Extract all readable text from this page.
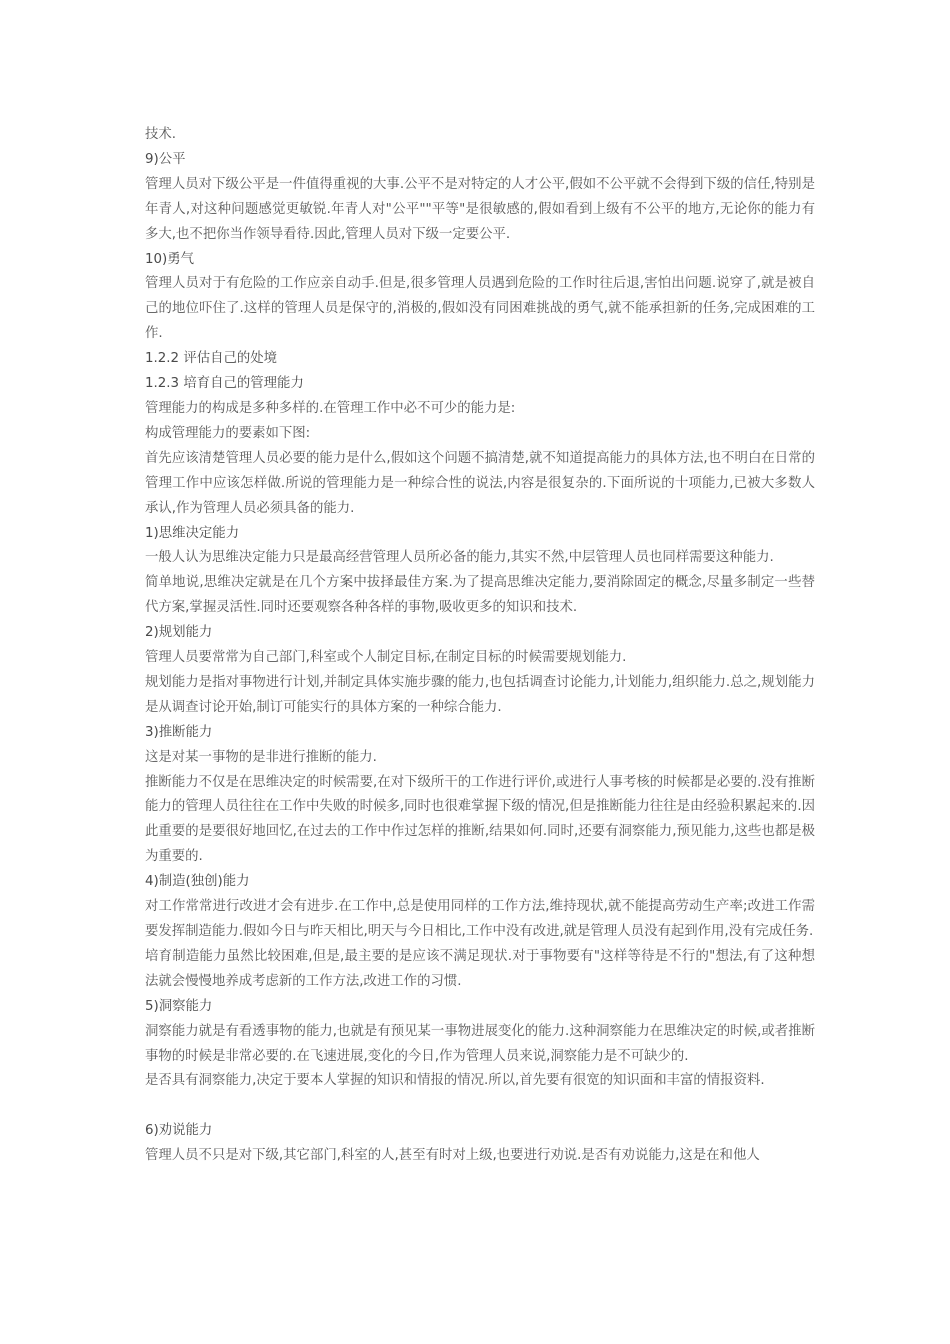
技术.

9)公平

管理人员对下级公平是一件值得重视的大事.公平不是对特定的人才公平,假如不公平就不会得到下级的信任,特别是年青人,对这种问题感觉更敏锐.年青人对"公平""平等"是很敏感的,假如看到上级有不公平的地方,无论你的能力有多大,也不把你当作领导看待.因此,管理人员对下级一定要公平.

10)勇气

管理人员对于有危险的工作应亲自动手.但是,很多管理人员遇到危险的工作时往后退,害怕出问题.说穿了,就是被自己的地位吓住了.这样的管理人员是保守的,消极的,假如没有同困难挑战的勇气,就不能承担新的任务,完成困难的工作.

1.2.2 评估自己的处境

1.2.3 培育自己的管理能力

管理能力的构成是多种多样的.在管理工作中必不可少的能力是:

构成管理能力的要素如下图:

首先应该清楚管理人员必要的能力是什么,假如这个问题不搞清楚,就不知道提高能力的具体方法,也不明白在日常的管理工作中应该怎样做.所说的管理能力是一种综合性的说法,内容是很复杂的.下面所说的十项能力,已被大多数人承认,作为管理人员必须具备的能力.

1)思维决定能力

一般人认为思维决定能力只是最高经营管理人员所必备的能力,其实不然,中层管理人员也同样需要这种能力.

简单地说,思维决定就是在几个方案中拔择最佳方案.为了提高思维决定能力,要消除固定的概念,尽量多制定一些替代方案,掌握灵活性.同时还要观察各种各样的事物,吸收更多的知识和技术.

2)规划能力

管理人员要常常为自己部门,科室或个人制定目标,在制定目标的时候需要规划能力.

规划能力是指对事物进行计划,并制定具体实施步骤的能力,也包括调查讨论能力,计划能力,组织能力.总之,规划能力是从调查讨论开始,制订可能实行的具体方案的一种综合能力.

3)推断能力

这是对某一事物的是非进行推断的能力.

推断能力不仅是在思维决定的时候需要,在对下级所干的工作进行评价,或进行人事考核的时候都是必要的.没有推断能力的管理人员往往在工作中失败的时候多,同时也很难掌握下级的情况,但是推断能力往往是由经验积累起来的.因此重要的是要很好地回忆,在过去的工作中作过怎样的推断,结果如何.同时,还要有洞察能力,预见能力,这些也都是极为重要的.

4)制造(独创)能力

对工作常常进行改进才会有进步.在工作中,总是使用同样的工作方法,维持现状,就不能提高劳动生产率;改进工作需要发挥制造能力.假如今日与昨天相比,明天与今日相比,工作中没有改进,就是管理人员没有起到作用,没有完成任务.

培育制造能力虽然比较困难,但是,最主要的是应该不满足现状.对于事物要有"这样等待是不行的"想法,有了这种想法就会慢慢地养成考虑新的工作方法,改进工作的习惯.

5)洞察能力

洞察能力就是有看透事物的能力,也就是有预见某一事物进展变化的能力.这种洞察能力在思维决定的时候,或者推断事物的时候是非常必要的.在飞速进展,变化的今日,作为管理人员来说,洞察能力是不可缺少的.

是否具有洞察能力,决定于要本人掌握的知识和情报的情况.所以,首先要有很宽的知识面和丰富的情报资料.

6)劝说能力

管理人员不只是对下级,其它部门,科室的人,甚至有时对上级,也要进行劝说.是否有劝说能力,这是在和他人
